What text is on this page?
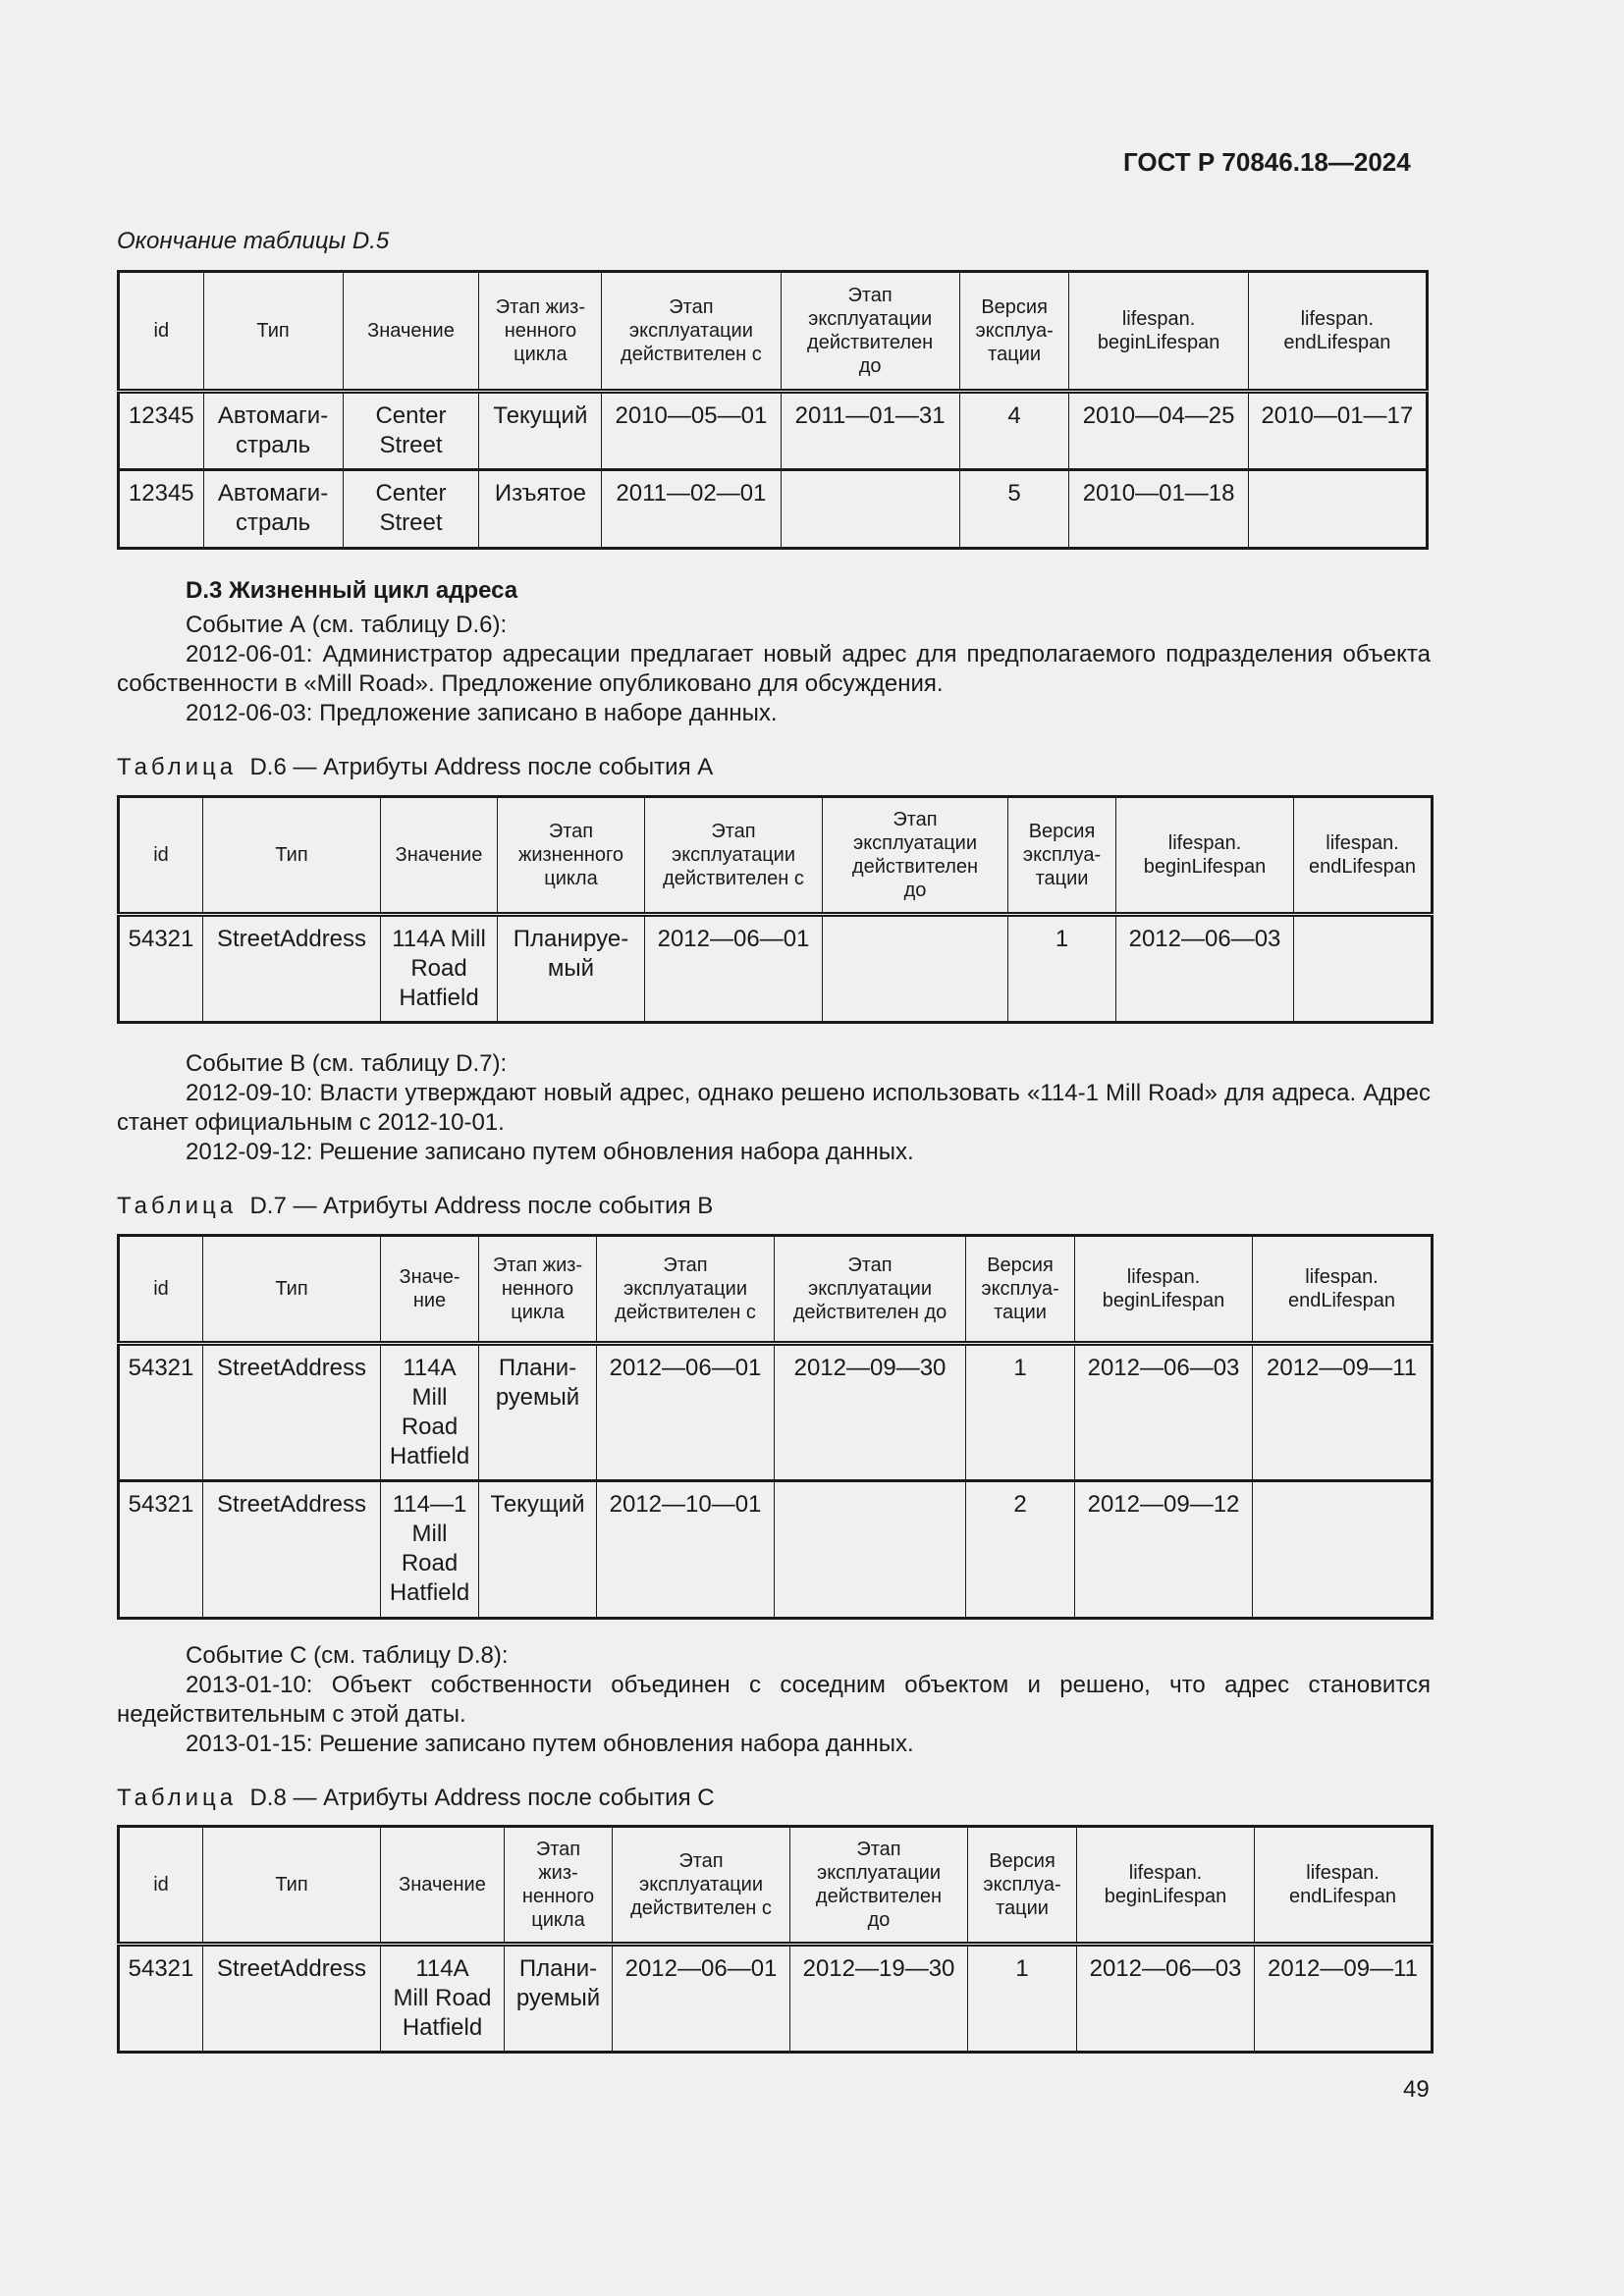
ГОСТ Р 70846.18—2024
Окончание таблицы D.5
id	Тип	Значение	Этап жиз-
ненного
цикла	Этап
эксплуатации
действителен с	Этап
эксплуатации
действителен
до	Версия
эксплуа-
тации	lifespan.
beginLifespan	lifespan.
endLifespan
12345	Автомаги-
страль	Center
Street	Текущий	2010—05—01	2011—01—31	4	2010—04—25	2010—01—17
12345	Автомаги-
страль	Center
Street	Изъятое	2011—02—01		5	2010—01—18	
D.3 Жизненный цикл адреса

Событие А (см. таблицу D.6):

2012-06-01: Администратор адресации предлагает новый адрес для предполагаемого подразделения объекта собственности в «Mill Road». Предложение опубликовано для обсуждения.

2012-06-03: Предложение записано в наборе данных.

Таблица D.6 — Атрибуты Address после события А
id	Тип	Значение	Этап
жизненного
цикла	Этап
эксплуатации
действителен с	Этап
эксплуатации
действителен
до	Версия
эксплуа-
тации	lifespan.
beginLifespan	lifespan.
endLifespan
54321	StreetAddress	114A Mill
Road
Hatfield	Планируе-
мый	2012—06—01		1	2012—06—03	

Событие В (см. таблицу D.7):

2012-09-10: Власти утверждают новый адрес, однако решено использовать «114-1 Mill Road» для адреса. Адрес станет официальным с 2012-10-01.

2012-09-12: Решение записано путем обновления набора данных.

Таблица D.7 — Атрибуты Address после события В
id	Тип	Значе-
ние	Этап жиз-
ненного
цикла	Этап
эксплуатации
действителен с	Этап
эксплуатации
действителен до	Версия
эксплуа-
тации	lifespan.
beginLifespan	lifespan.
endLifespan
54321	StreetAddress	114A
Mill
Road
Hatfield	Плани-
руемый	2012—06—01	2012—09—30	1	2012—06—03	2012—09—11
54321	StreetAddress	114—1
Mill
Road
Hatfield	Текущий	2012—10—01		2	2012—09—12	

Событие С (см. таблицу D.8):

2013-01-10: Объект собственности объединен с соседним объектом и решено, что адрес становится недействительным с этой даты.

2013-01-15: Решение записано путем обновления набора данных.

Таблица D.8 — Атрибуты Address после события С
id	Тип	Значение	Этап
жиз-
ненного
цикла	Этап
эксплуатации
действителен с	Этап
эксплуатации
действителен
до	Версия
эксплуа-
тации	lifespan.
beginLifespan	lifespan.
endLifespan
54321	StreetAddress	114A
Mill Road
Hatfield	Плани-
руемый	2012—06—01	2012—19—30	1	2012—06—03	2012—09—11
49
